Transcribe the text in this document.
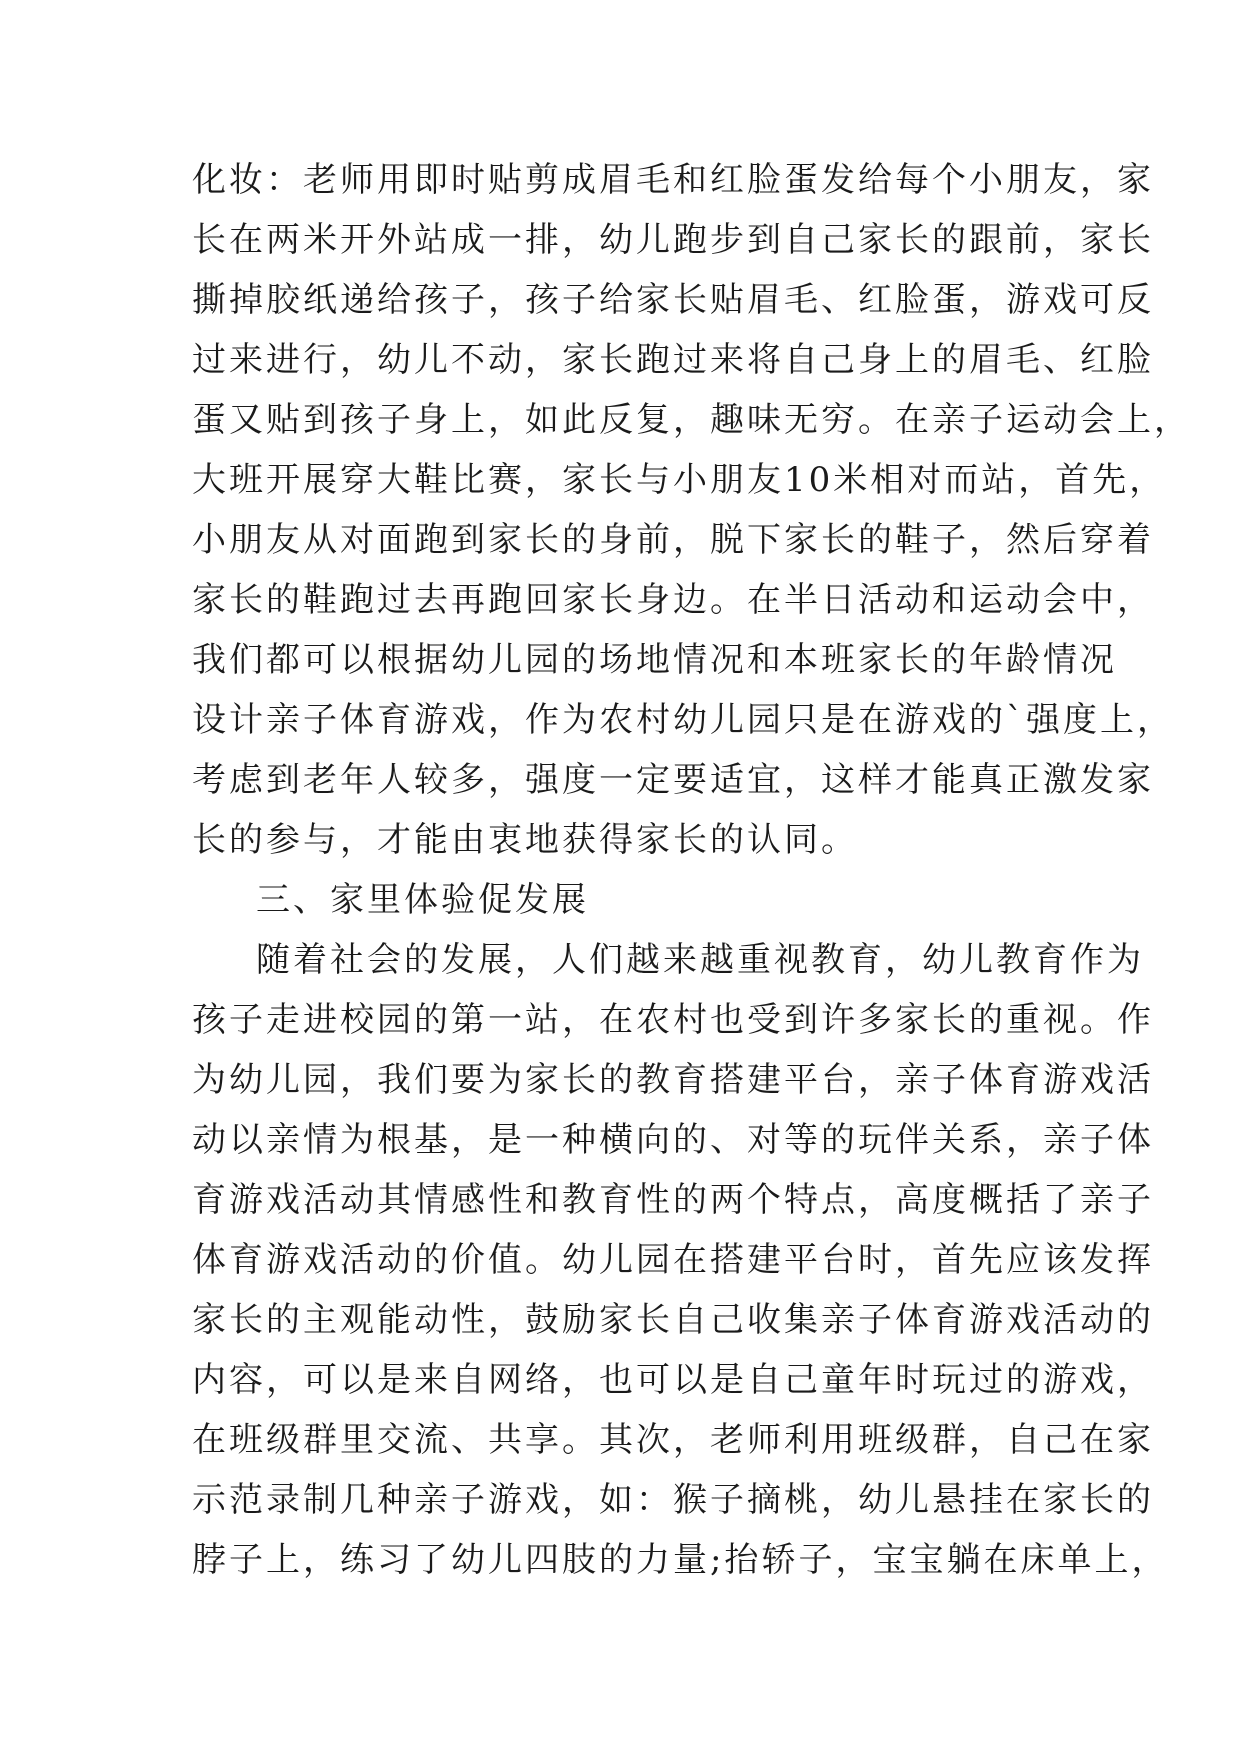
化妆：老师用即时贴剪成眉毛和红脸蛋发给每个小朋友，家
长在两米开外站成一排，幼儿跑步到自己家长的跟前，家长
撕掉胶纸递给孩子，孩子给家长贴眉毛、红脸蛋，游戏可反
过来进行，幼儿不动，家长跑过来将自己身上的眉毛、红脸
蛋又贴到孩子身上，如此反复，趣味无穷。在亲子运动会上，
大班开展穿大鞋比赛，家长与小朋友10米相对而站，首先，
小朋友从对面跑到家长的身前，脱下家长的鞋子，然后穿着
家长的鞋跑过去再跑回家长身边。在半日活动和运动会中，
我们都可以根据幼儿园的场地情况和本班家长的年龄情况
设计亲子体育游戏，作为农村幼儿园只是在游戏的`强度上，
考虑到老年人较多，强度一定要适宜，这样才能真正激发家
长的参与，才能由衷地获得家长的认同。
三、家里体验促发展
随着社会的发展，人们越来越重视教育，幼儿教育作为
孩子走进校园的第一站，在农村也受到许多家长的重视。作
为幼儿园，我们要为家长的教育搭建平台，亲子体育游戏活
动以亲情为根基，是一种横向的、对等的玩伴关系，亲子体
育游戏活动其情感性和教育性的两个特点，高度概括了亲子
体育游戏活动的价值。幼儿园在搭建平台时，首先应该发挥
家长的主观能动性，鼓励家长自己收集亲子体育游戏活动的
内容，可以是来自网络，也可以是自己童年时玩过的游戏，
在班级群里交流、共享。其次，老师利用班级群，自己在家
示范录制几种亲子游戏，如：猴子摘桃，幼儿悬挂在家长的
脖子上，练习了幼儿四肢的力量;抬轿子，宝宝躺在床单上，
